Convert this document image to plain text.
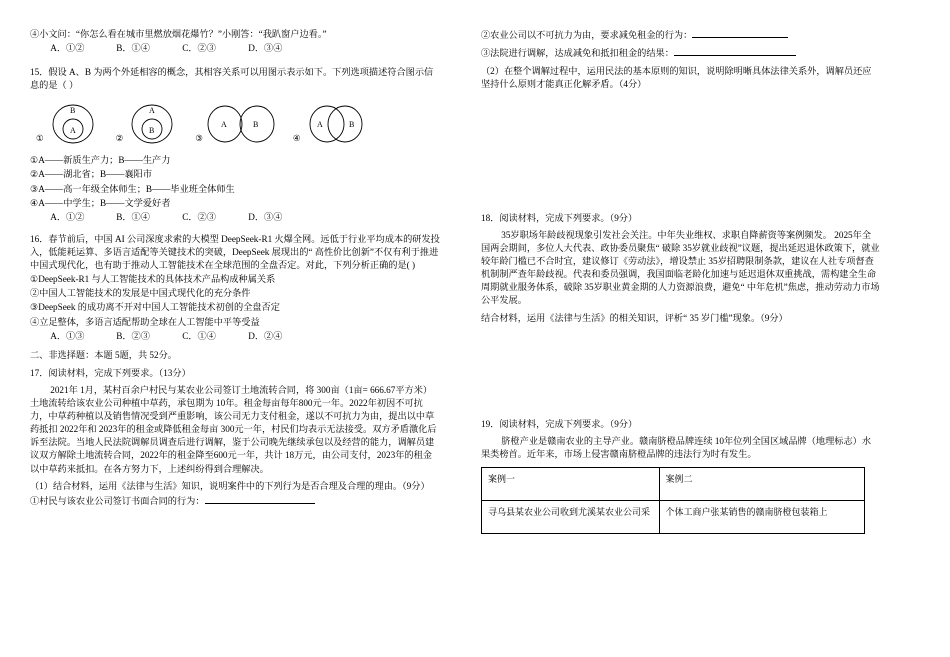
④小文问：“你怎么看在城市里燃放烟花爆竹？”小刚答：“我趴窗户边看。”

A．①②	B．①④	C．②③	D．③④

15．假设 A、B 为两个外延相容的概念，其相容关系可以用图示表示如下。下列选项描述符合图示信息的是（ ）

①
B
A
②
A
B
③
A	B
④
A	B

①A——新质生产力；B——生产力

②A——湖北省；B——襄阳市

③A——高一年级全体师生；B——毕业班全体师生

④A——中学生；B——文学爱好者

A．①②	B．①④	C．②③	D．③④

16．春节前后，中国 AI 公司深度求索的大模型 DeepSeek-R1 火爆全网。远低于行业平均成本的研发投入，低能耗运算、多语言适配等关键技术的突破，DeepSeek 展现出的“ 高性价比创新”不仅有利于推进中国式现代化，也有助于推动人工智能技术在全球范围的全盘否定。对此，下列分析正确的是( )

①DeepSeek-R1 与人工智能技术的具体技术产品构成种属关系

②中国人工智能技术的发展是中国式现代化的充分条件

③DeepSeek 的成功离不开对中国人工智能技术初创的全盘否定

④立足整体，多语言适配帮助全球在人工智能中平等受益

A．①③	B．②③	C．①④	D．②④

二、非选择题：本题 5题，共 52分。

17．阅读材料，完成下列要求。（13分）

2021年 1月，某村百余户村民与某农业公司签订土地流转合同，将 300亩（1亩= 666.67平方米）土地流转给该农业公司种植中草药，承包期为 10年。租金每亩每年800元一年。2022年初因不可抗力，中草药种植以及销售情况受到严重影响，该公司无力支付租金，遂以不可抗力为由，提出以中草药抵扣 2022年和 2023年的租金或降低租金每亩 300元一年，村民们均表示无法接受。双方矛盾激化后诉至法院。当地人民法院调解员调查后进行调解，鉴于公司晚先继续承包以及经营的能力，调解员建议双方解除土地流转合同，2022年的租金降至600元一年，共计 18万元，由公司支付，2023年的租金以中草药来抵扣。在各方努力下，上述纠纷得到合理解决。

（1）结合材料，运用《法律与生活》知识，说明案件中的下列行为是否合理及合理的理由。（9分）

①村民与该农业公司签订书面合同的行为：

②农业公司以不可抗力为由，要求减免租金的行为：

③法院进行调解，达成减免和抵扣租金的结果：

（2）在整个调解过程中，运用民法的基本原则的知识，说明除明晰具体法律关系外，调解员还应坚持什么原则才能真正化解矛盾。（4分）

18．阅读材料，完成下列要求。（9分）

35岁职场年龄歧视现象引发社会关注。中年失业维权、求职自降薪资等案例频发。 2025年全国两会期间，多位人大代表、政协委员聚焦“ 破除 35岁就业歧视”议题，提出延迟退休政策下，就业较年龄门槛已不合时宜，建议修订《劳动法》，增设禁止 35岁招聘限制条款，建议在人社专项督查机制制严查年龄歧视。代表和委员强调，我国面临老龄化加速与延迟退休双重挑战，需构建全生命周期就业服务体系，破除 35岁职业黄金期的人力资源浪费，避免“ 中年危机”焦虑，推动劳动力市场公平发展。

结合材料，运用《法律与生活》的相关知识，评析“ 35 岁门槛”现象。（9分）

19．阅读材料，完成下列要求。（9分）

脐橙产业是赣南农业的主导产业。赣南脐橙品牌连续 10年位列全国区域品牌（地理标志）水果类榜首。近年来，市场上侵害赣南脐橙品牌的违法行为时有发生。

案例一	案例二
寻乌县某农业公司收到尤溪某农业公司采	个体工商户张某销售的赣南脐橙包装箱上
